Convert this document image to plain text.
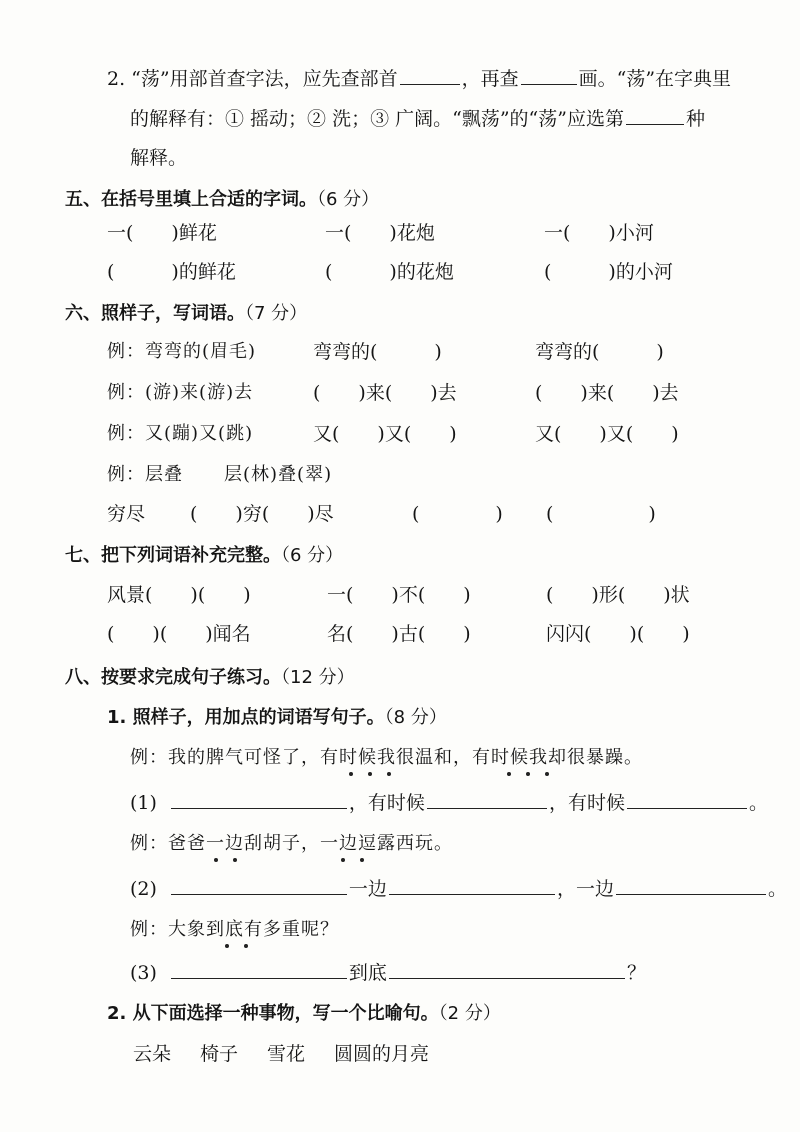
2. “荡”用部首查字法，应先查部首	，再查	画。“荡”在字典里
的解释有：① 摇动；② 洗；③ 广阔。“飘荡”的“荡”应选第	种
解释。
五、在括号里填上合适的字词。（6 分）
一(　　)鲜花	一(　　)花炮	一(　　)小河
(　　　)的鲜花	(　　　)的花炮	(　　　)的小河
六、照样子，写词语。（7 分）
例：弯弯的(眉毛)	弯弯的(　　　)	弯弯的(　　　)
例：(游)来(游)去	(　　)来(　　)去	(　　)来(　　)去
例：又(蹦)又(跳)	又(　　)又(　　)	又(　　)又(　　)
例：层叠 层(林)叠(翠)
穷尽 (　　)穷(　　)尽	(　　　　) (　　　　　)
七、把下列词语补充完整。（6 分）
风景(　　)(　　)	一(　　)不(　　)	(　　)形(　　)状
(　　)(　　)闻名	名(　　)古(　　)	闪闪(　　)(　　)
八、按要求完成句子练习。（12 分）
1. 照样子，用加点的词语写句子。（8 分）
例：我的脾气可怪了，有时候我很温和，有时候我却很暴躁。
(1)	，有时候	，有时候	。
例：爸爸一边刮胡子，一边逗露西玩。
(2)	一边	，一边	。
例：大象到底有多重呢？
(3)	到底	？
2. 从下面选择一种事物，写一个比喻句。（2 分）
云朵 椅子 雪花 圆圆的月亮
